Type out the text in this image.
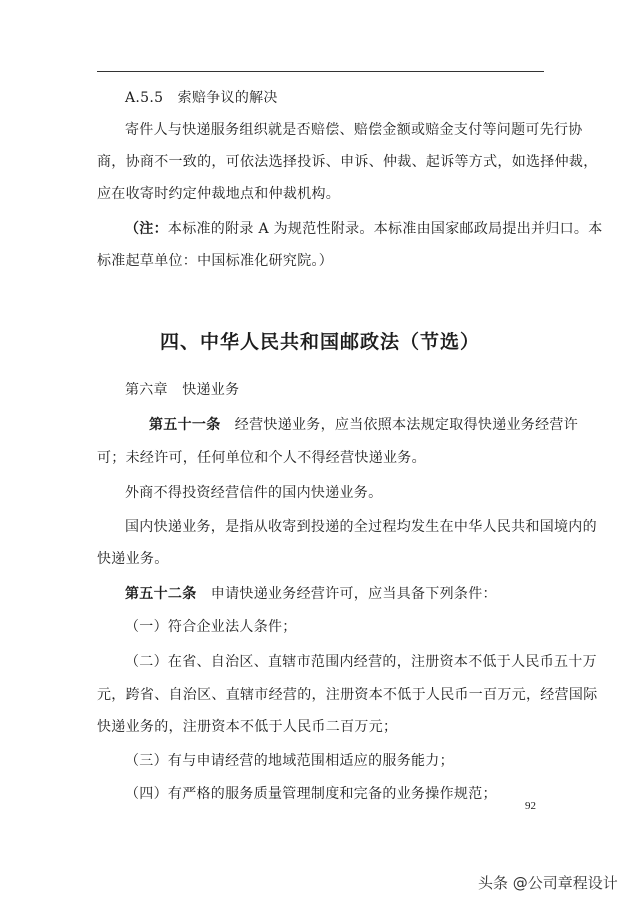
A.5.5　索赔争议的解决
寄件人与快递服务组织就是否赔偿、赔偿金额或赔金支付等问题可先行协
商，协商不一致的，可依法选择投诉、申诉、仲裁、起诉等方式，如选择仲裁，
应在收寄时约定仲裁地点和仲裁机构。
（注：本标准的附录 A 为规范性附录。本标准由国家邮政局提出并归口。本
标准起草单位：中国标准化研究院。）
四、中华人民共和国邮政法（节选）
第六章　快递业务
第五十一条　经营快递业务，应当依照本法规定取得快递业务经营许
可；未经许可，任何单位和个人不得经营快递业务。
外商不得投资经营信件的国内快递业务。
国内快递业务，是指从收寄到投递的全过程均发生在中华人民共和国境内的
快递业务。
第五十二条　申请快递业务经营许可，应当具备下列条件：
（一）符合企业法人条件；
（二）在省、自治区、直辖市范围内经营的，注册资本不低于人民币五十万
元，跨省、自治区、直辖市经营的，注册资本不低于人民币一百万元，经营国际
快递业务的，注册资本不低于人民币二百万元；
（三）有与申请经营的地域范围相适应的服务能力；
（四）有严格的服务质量管理制度和完备的业务操作规范；
92
头条 @公司章程设计
